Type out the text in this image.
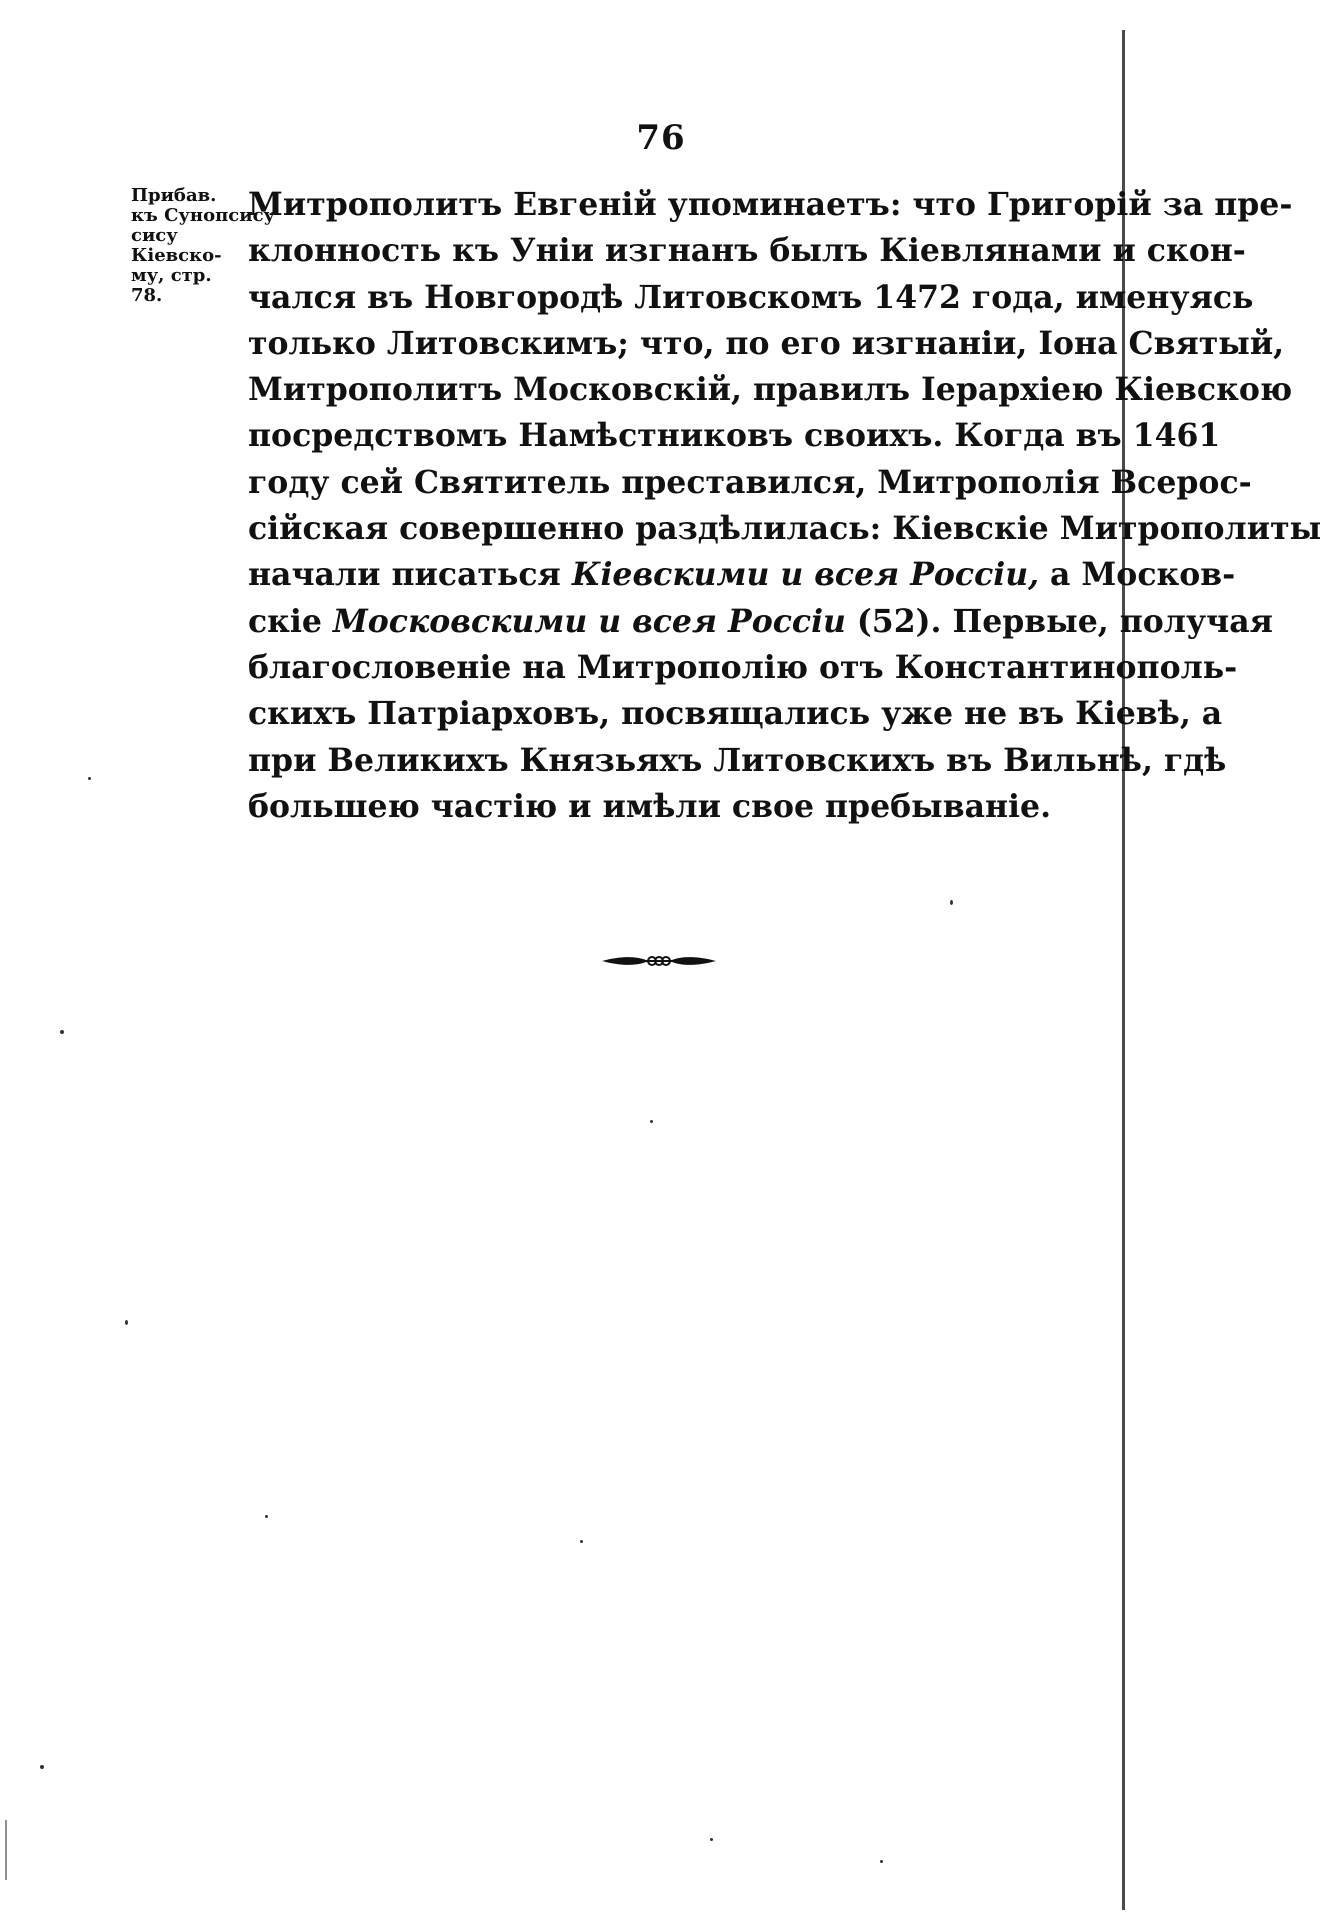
76
Прибав.
къ Сунопсису
сису
Кіевско-
му, стр.
78.
Митрополитъ Евгеній упоминаетъ: что Григорій за пре-
клонность къ Уніи изгнанъ былъ Кіевлянами и скон-
чался въ Новгородѣ Литовскомъ 1472 года, именуясь
только Литовскимъ; что, по его изгнаніи, Іона Святый,
Митрополитъ Московскій, правилъ Іерархіею Кіевскою
посредствомъ Намѣстниковъ своихъ. Когда въ 1461
году сей Святитель преставился, Митрополія Всерос-
сійская совершенно раздѣлилась: Кіевскіе Митрополиты
начали писаться Кіевскими и всея Россіи, а Москов-
скіе Московскими и всея Россіи (52). Первые, получая
благословеніе на Митрополію отъ Константинополь-
скихъ Патріарховъ, посвящались уже не въ Кіевѣ, а
при Великихъ Князьяхъ Литовскихъ въ Вильнѣ, гдѣ
большею частію и имѣли свое пребываніе.
